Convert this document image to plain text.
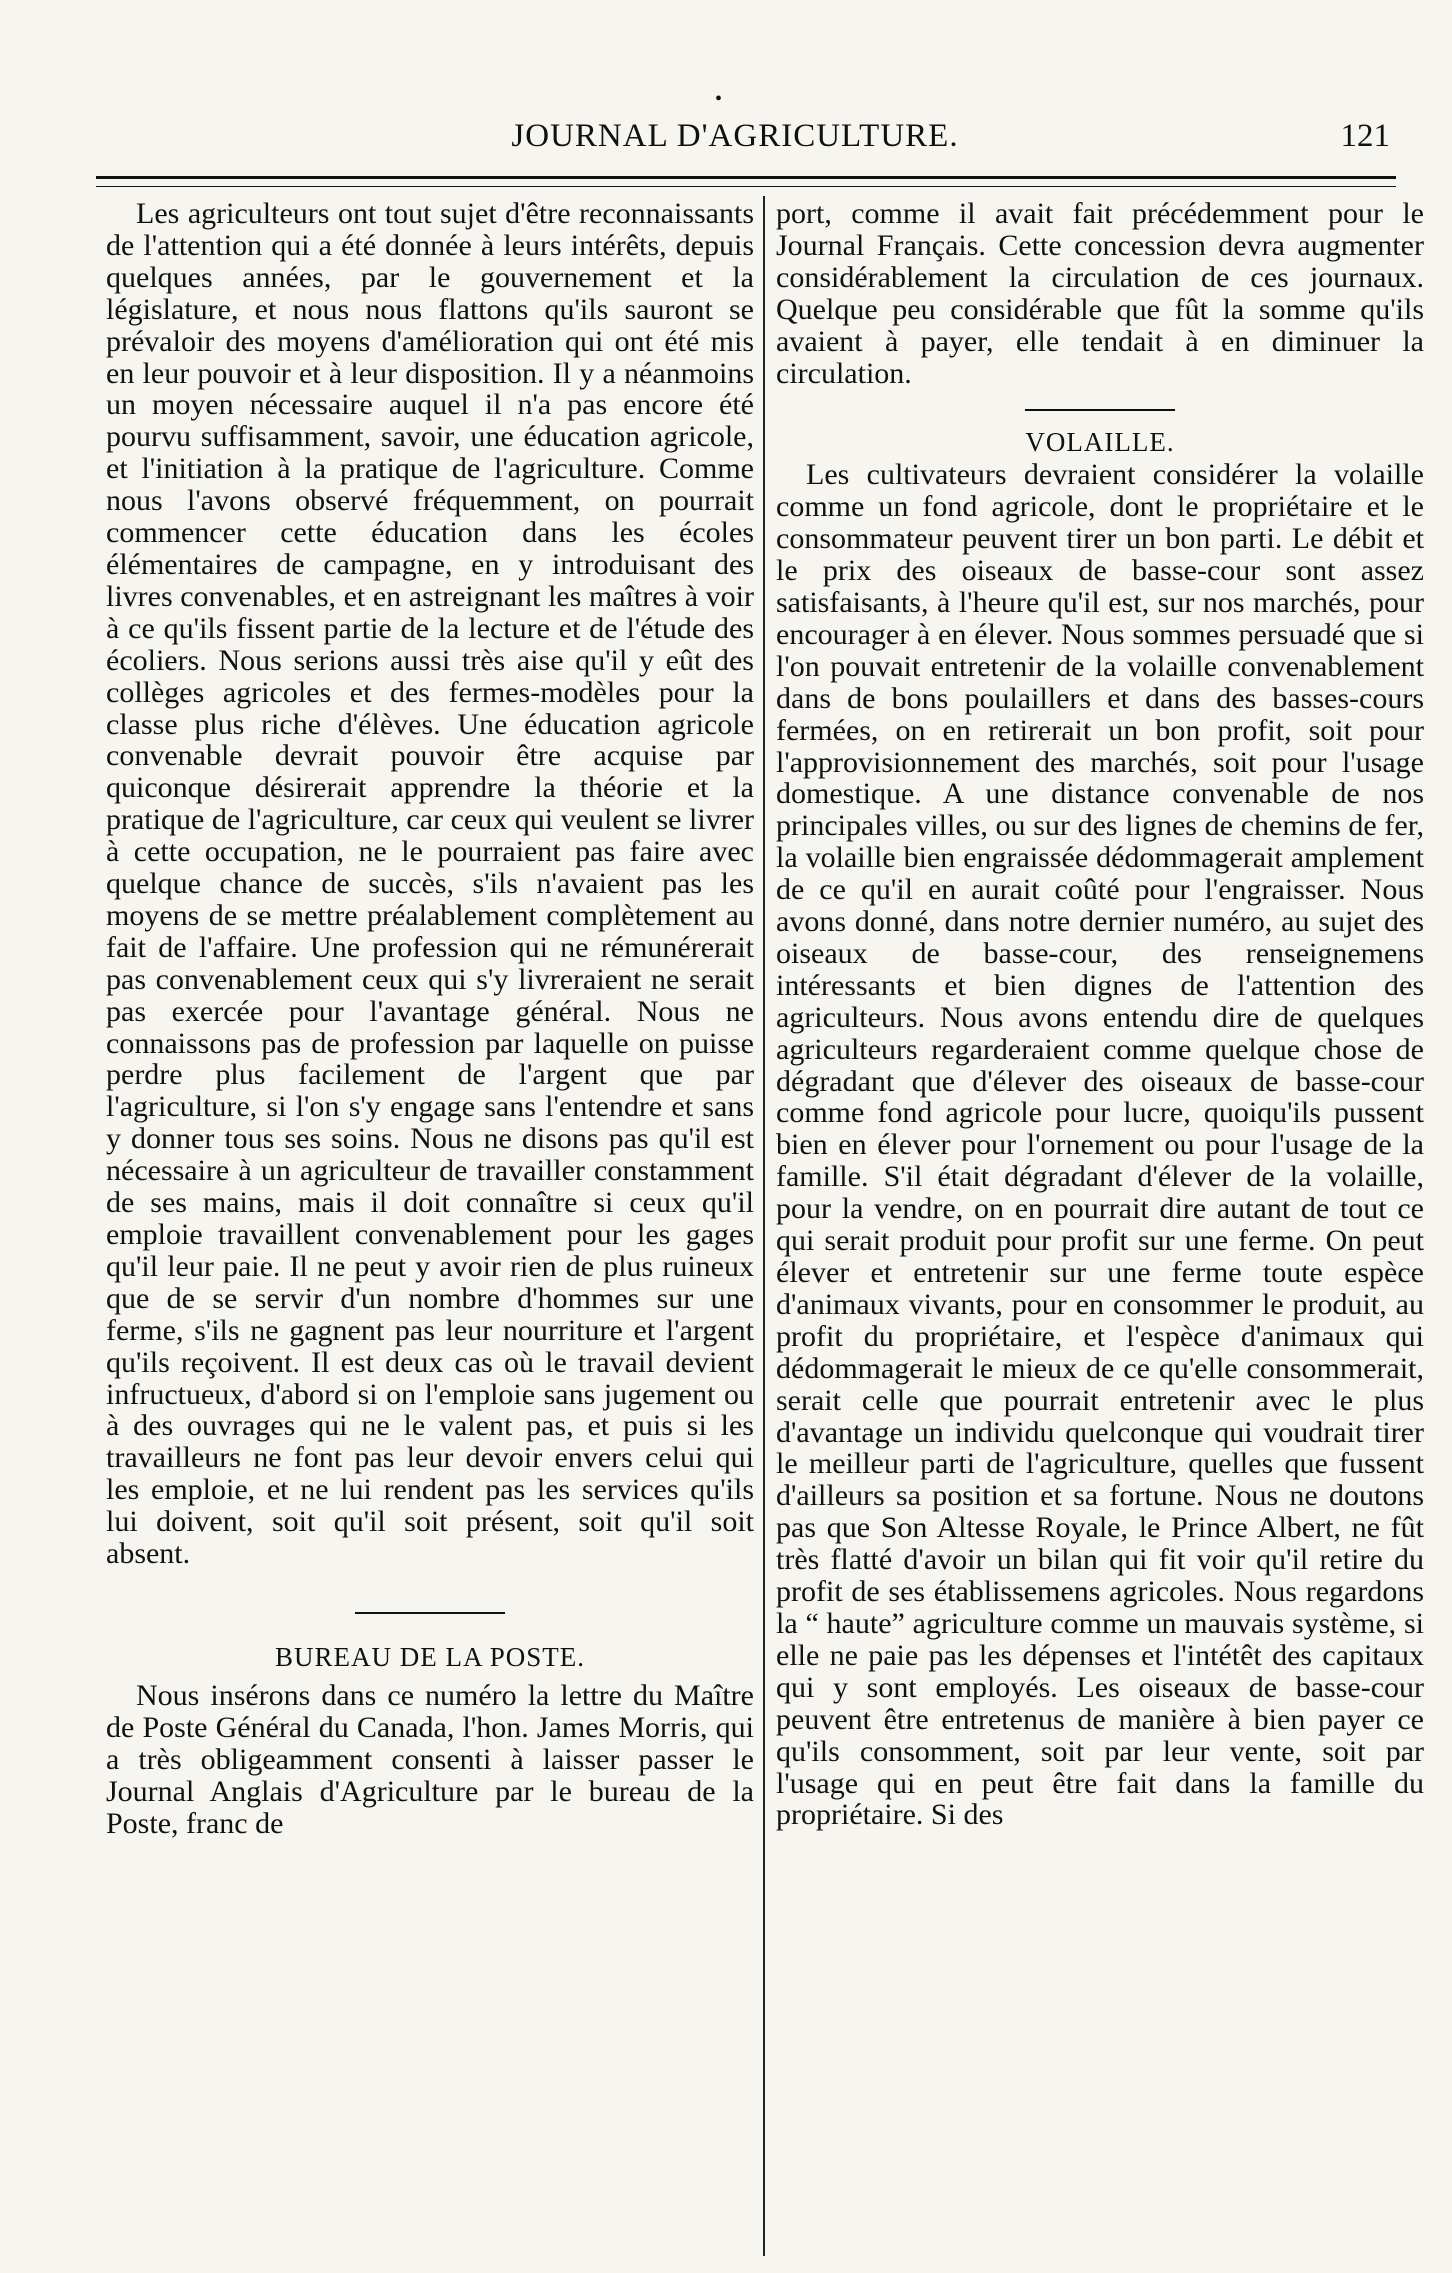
•
JOURNAL D'AGRICULTURE.	121

Les agriculteurs ont tout sujet d'être reconnaissants de l'attention qui a été donnée à leurs intérêts, depuis quelques années, par le gouvernement et la législature, et nous nous flattons qu'ils sauront se prévaloir des moyens d'amélioration qui ont été mis en leur pouvoir et à leur disposition. Il y a néanmoins un moyen nécessaire auquel il n'a pas encore été pourvu suffisamment, savoir, une éducation agricole, et l'initiation à la pratique de l'agriculture. Comme nous l'avons observé fréquemment, on pourrait commencer cette éducation dans les écoles élémentaires de campagne, en y introduisant des livres convenables, et en astreignant les maîtres à voir à ce qu'ils fissent partie de la lecture et de l'étude des écoliers. Nous serions aussi très aise qu'il y eût des collèges agricoles et des fermes-modèles pour la classe plus riche d'élèves. Une éducation agricole convenable devrait pouvoir être acquise par quiconque désirerait apprendre la théorie et la pratique de l'agriculture, car ceux qui veulent se livrer à cette occupation, ne le pourraient pas faire avec quelque chance de succès, s'ils n'avaient pas les moyens de se mettre préalablement complètement au fait de l'affaire. Une profession qui ne rémunérerait pas convenablement ceux qui s'y livreraient ne serait pas exercée pour l'avantage général. Nous ne connaissons pas de profession par laquelle on puisse perdre plus facilement de l'argent que par l'agriculture, si l'on s'y engage sans l'entendre et sans y donner tous ses soins. Nous ne disons pas qu'il est nécessaire à un agriculteur de travailler constamment de ses mains, mais il doit connaître si ceux qu'il emploie travaillent convenablement pour les gages qu'il leur paie. Il ne peut y avoir rien de plus ruineux que de se servir d'un nombre d'hommes sur une ferme, s'ils ne gagnent pas leur nourriture et l'argent qu'ils reçoivent. Il est deux cas où le travail devient infructueux, d'abord si on l'emploie sans jugement ou à des ouvrages qui ne le valent pas, et puis si les travailleurs ne font pas leur devoir envers celui qui les emploie, et ne lui rendent pas les services qu'ils lui doivent, soit qu'il soit présent, soit qu'il soit absent.

BUREAU DE LA POSTE.

Nous insérons dans ce numéro la lettre du Maître de Poste Général du Canada, l'hon. James Morris, qui a très obligeamment consenti à laisser passer le Journal Anglais d'Agriculture par le bureau de la Poste, franc de

port, comme il avait fait précédemment pour le Journal Français. Cette concession devra augmenter considérablement la circulation de ces journaux. Quelque peu considérable que fût la somme qu'ils avaient à payer, elle tendait à en diminuer la circulation.

VOLAILLE.

Les cultivateurs devraient considérer la volaille comme un fond agricole, dont le propriétaire et le consommateur peuvent tirer un bon parti. Le débit et le prix des oiseaux de basse-cour sont assez satisfaisants, à l'heure qu'il est, sur nos marchés, pour encourager à en élever. Nous sommes persuadé que si l'on pouvait entretenir de la volaille convenablement dans de bons poulaillers et dans des basses-cours fermées, on en retirerait un bon profit, soit pour l'approvisionnement des marchés, soit pour l'usage domestique. A une distance convenable de nos principales villes, ou sur des lignes de chemins de fer, la volaille bien engraissée dédommagerait amplement de ce qu'il en aurait coûté pour l'engraisser. Nous avons donné, dans notre dernier numéro, au sujet des oiseaux de basse-cour, des renseignemens intéressants et bien dignes de l'attention des agriculteurs. Nous avons entendu dire de quelques agriculteurs regarderaient comme quelque chose de dégradant que d'élever des oiseaux de basse-cour comme fond agricole pour lucre, quoiqu'ils pussent bien en élever pour l'ornement ou pour l'usage de la famille. S'il était dégradant d'élever de la volaille, pour la vendre, on en pourrait dire autant de tout ce qui serait produit pour profit sur une ferme. On peut élever et entretenir sur une ferme toute espèce d'animaux vivants, pour en consommer le produit, au profit du propriétaire, et l'espèce d'animaux qui dédommagerait le mieux de ce qu'elle consommerait, serait celle que pourrait entretenir avec le plus d'avantage un individu quelconque qui voudrait tirer le meilleur parti de l'agriculture, quelles que fussent d'ailleurs sa position et sa fortune. Nous ne doutons pas que Son Altesse Royale, le Prince Albert, ne fût très flatté d'avoir un bilan qui fit voir qu'il retire du profit de ses établissemens agricoles. Nous regardons la “ haute” agriculture comme un mauvais système, si elle ne paie pas les dépenses et l'intétêt des capitaux qui y sont employés. Les oiseaux de basse-cour peuvent être entretenus de manière à bien payer ce qu'ils consomment, soit par leur vente, soit par l'usage qui en peut être fait dans la famille du propriétaire. Si des
